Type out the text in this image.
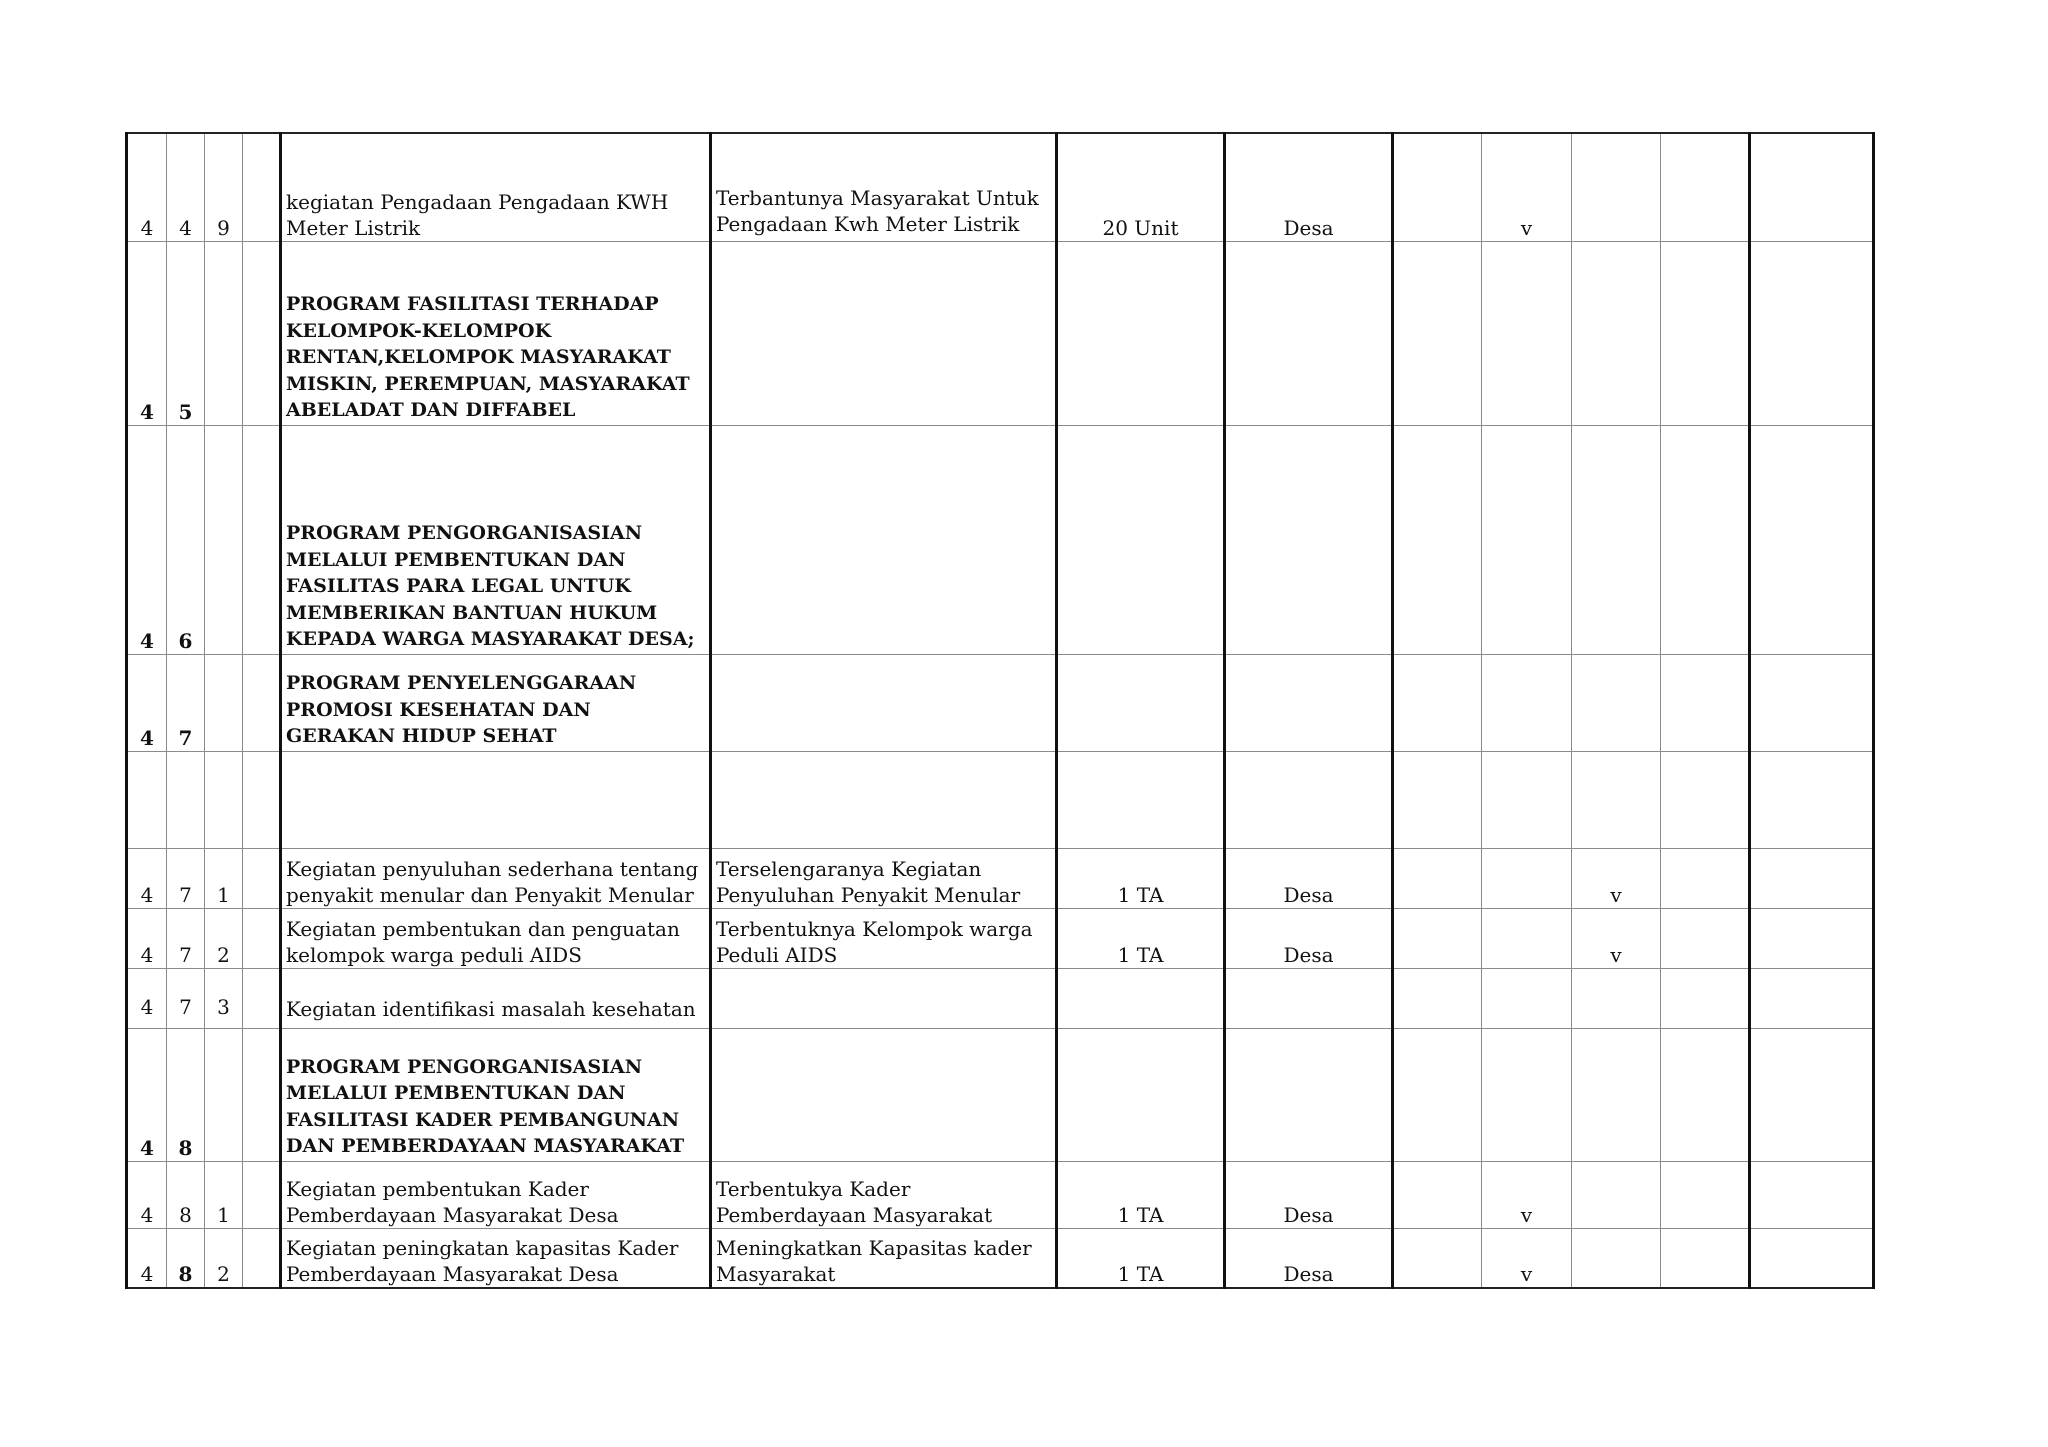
4	4	9		kegiatan Pengadaan Pengadaan KWH Meter Listrik	Terbantunya Masyarakat Untuk Pengadaan Kwh Meter Listrik	20 Unit	Desa		v			
4	5			PROGRAM FASILITASI TERHADAP KELOMPOK-KELOMPOK RENTAN,KELOMPOK MASYARAKAT MISKIN, PEREMPUAN, MASYARAKAT ABELADAT DAN DIFFABEL								
4	6			PROGRAM PENGORGANISASIAN MELALUI PEMBENTUKAN DAN FASILITAS PARA LEGAL UNTUK MEMBERIKAN BANTUAN HUKUM KEPADA WARGA MASYARAKAT DESA;								
4	7			PROGRAM PENYELENGGARAAN PROMOSI KESEHATAN DAN GERAKAN HIDUP SEHAT								

4	7	1		Kegiatan penyuluhan sederhana tentang penyakit menular dan Penyakit Menular	Terselengaranya Kegiatan Penyuluhan Penyakit Menular	1 TA	Desa			v		
4	7	2		Kegiatan pembentukan dan penguatan kelompok warga peduli AIDS	Terbentuknya Kelompok warga Peduli AIDS	1 TA	Desa			v		
4	7	3		Kegiatan identifikasi masalah kesehatan								
4	8			PROGRAM PENGORGANISASIAN MELALUI PEMBENTUKAN DAN FASILITASI KADER PEMBANGUNAN DAN PEMBERDAYAAN MASYARAKAT								
4	8	1		Kegiatan pembentukan Kader Pemberdayaan Masyarakat Desa	Terbentukya Kader Pemberdayaan Masyarakat	1 TA	Desa		v			
4	8	2		Kegiatan peningkatan kapasitas Kader Pemberdayaan Masyarakat Desa	Meningkatkan Kapasitas kader Masyarakat	1 TA	Desa		v			
